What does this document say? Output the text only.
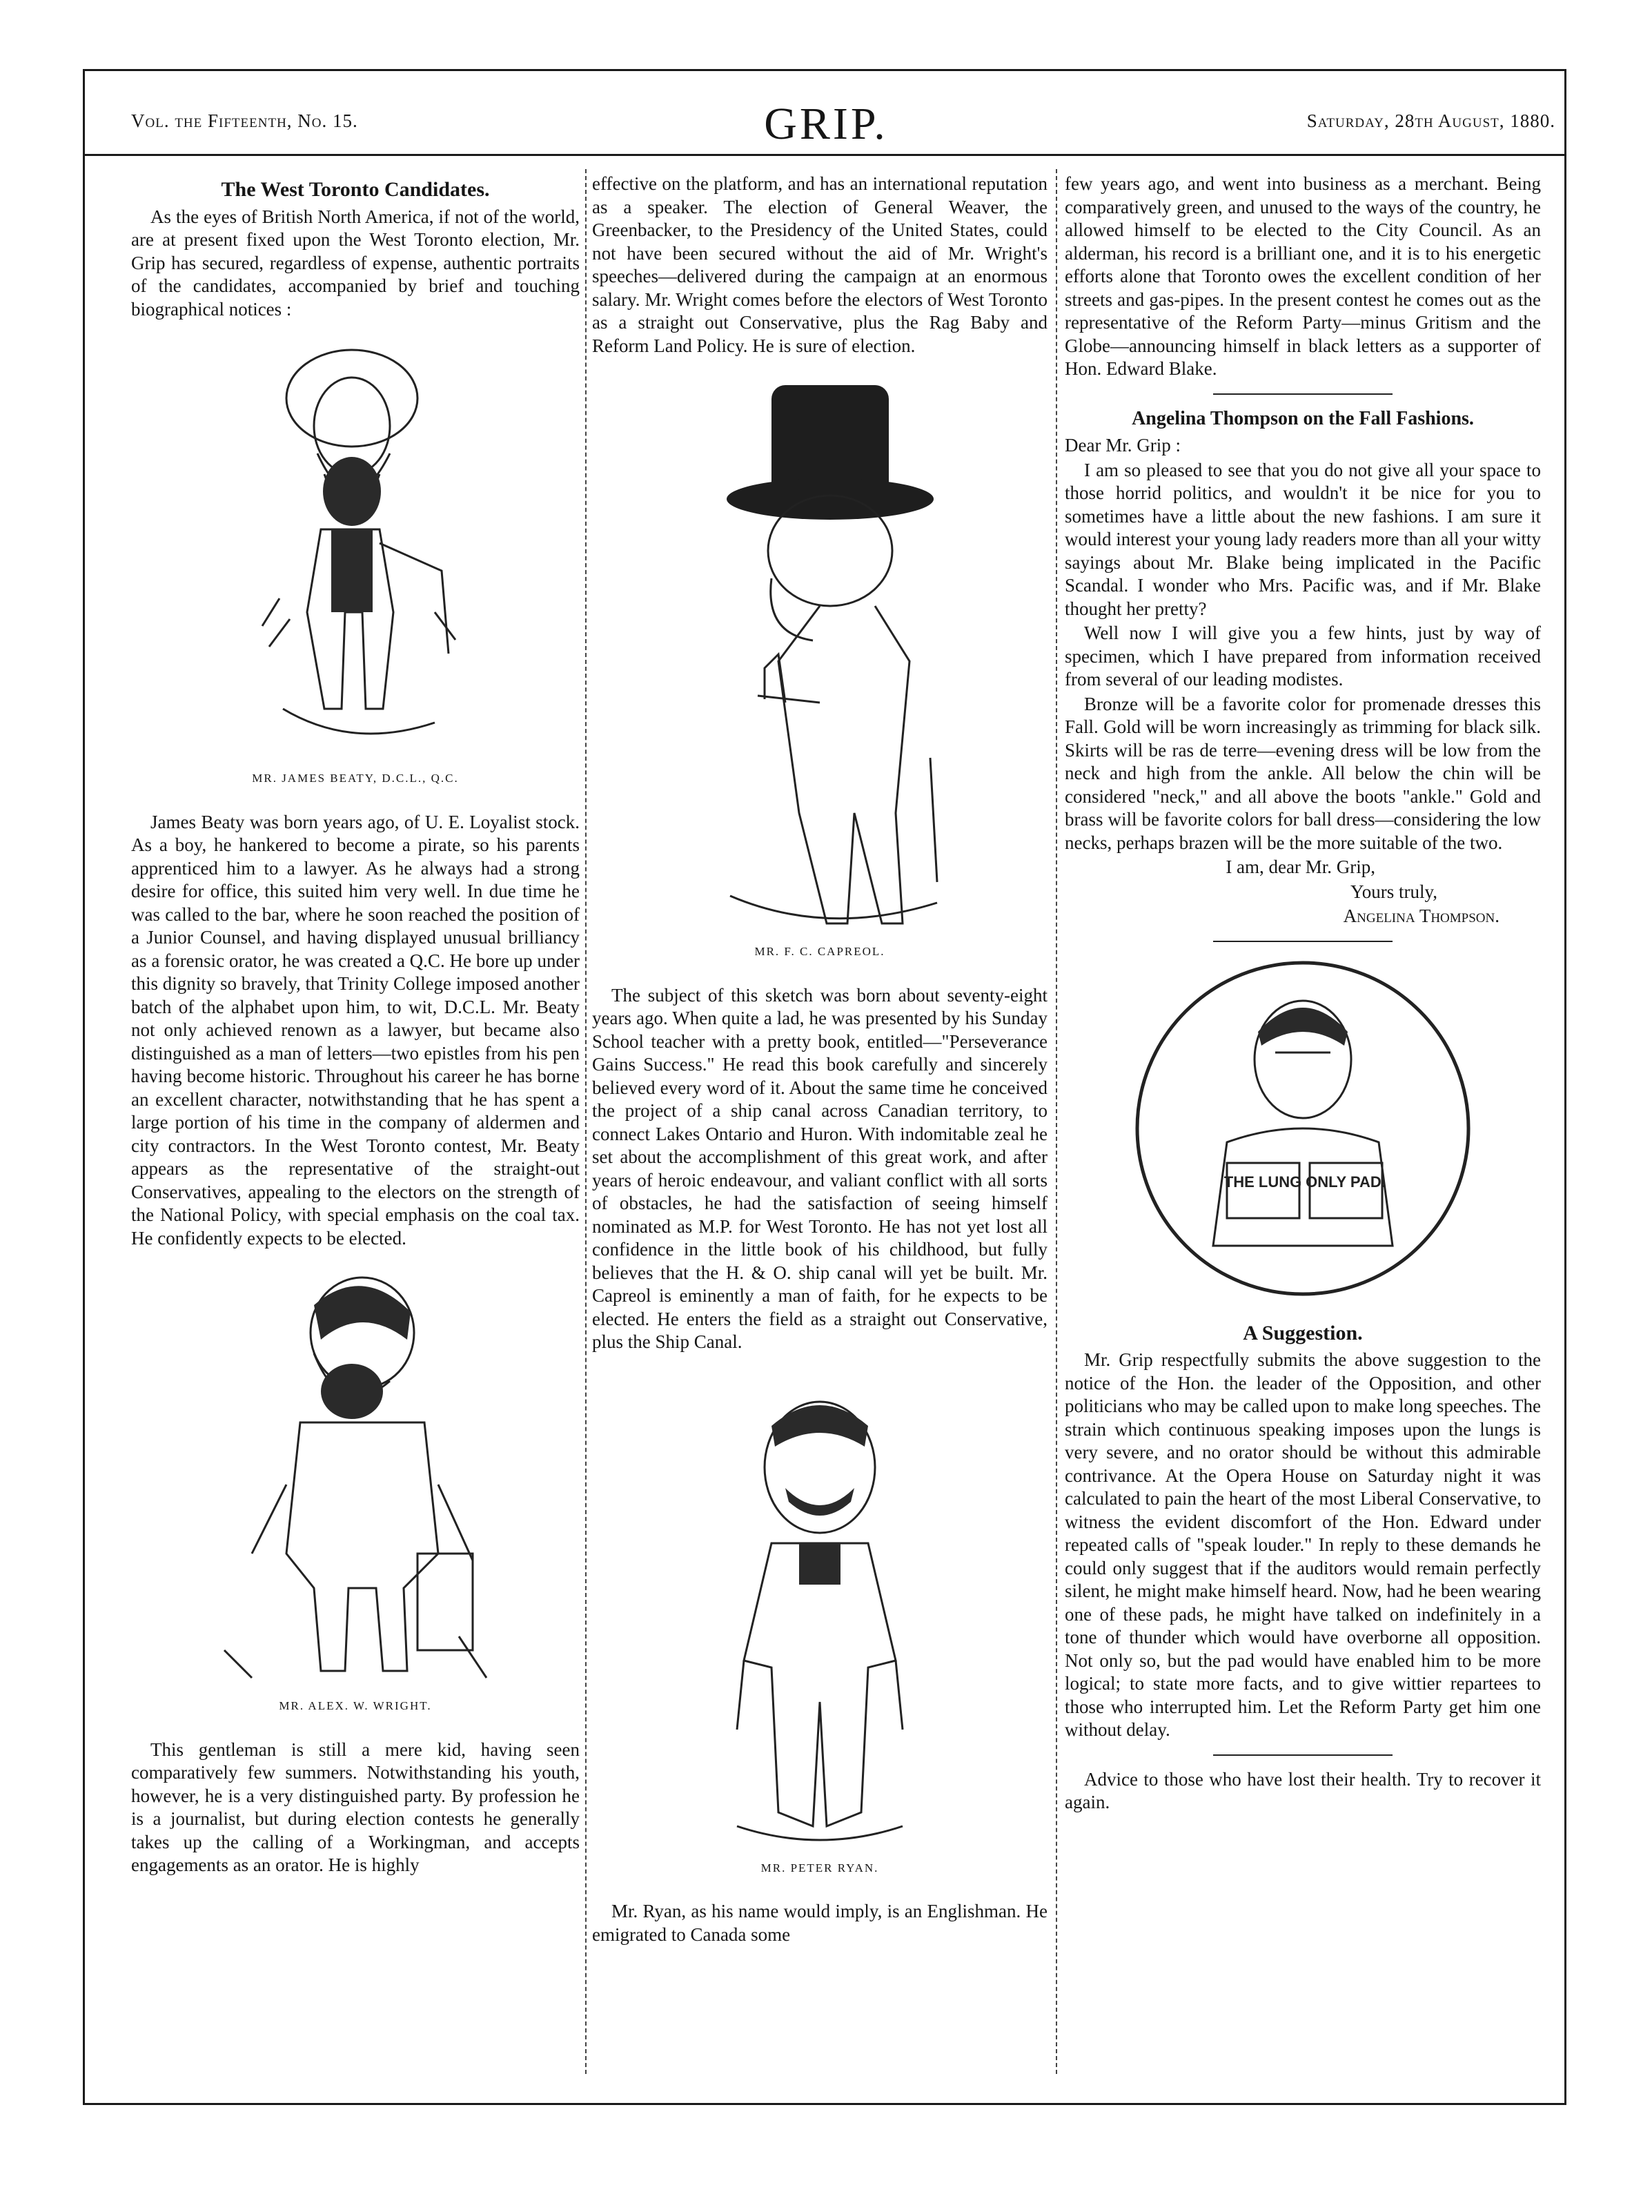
Vol. the Fifteenth, No. 15.	GRIP.	Saturday, 28th August, 1880.
The West Toronto Candidates.

As the eyes of British North America, if not of the world, are at present fixed upon the West Toronto election, Mr. Grip has secured, regardless of expense, authentic portraits of the candidates, accompanied by brief and touching biographical notices :

MR. JAMES BEATY, D.C.L., Q.C.

James Beaty was born years ago, of U. E. Loyalist stock. As a boy, he hankered to become a pirate, so his parents apprenticed him to a lawyer. As he always had a strong desire for office, this suited him very well. In due time he was called to the bar, where he soon reached the position of a Junior Counsel, and having displayed unusual brilliancy as a forensic orator, he was created a Q.C. He bore up under this dignity so bravely, that Trinity College imposed another batch of the alphabet upon him, to wit, D.C.L. Mr. Beaty not only achieved renown as a lawyer, but became also distinguished as a man of letters—two epistles from his pen having become historic. Throughout his career he has borne an excellent character, notwithstanding that he has spent a large portion of his time in the company of aldermen and city contractors. In the West Toronto contest, Mr. Beaty appears as the representative of the straight-out Conservatives, appealing to the electors on the strength of the National Policy, with special emphasis on the coal tax. He confidently expects to be elected.

MR. ALEX. W. WRIGHT.

This gentleman is still a mere kid, having seen comparatively few summers. Notwithstanding his youth, however, he is a very distinguished party. By profession he is a journalist, but during election contests he generally takes up the calling of a Workingman, and accepts engagements as an orator. He is highly

effective on the platform, and has an international reputation as a speaker. The election of General Weaver, the Greenbacker, to the Presidency of the United States, could not have been secured without the aid of Mr. Wright's speeches—delivered during the campaign at an enormous salary. Mr. Wright comes before the electors of West Toronto as a straight out Conservative, plus the Rag Baby and Reform Land Policy. He is sure of election.

MR. F. C. CAPREOL.

The subject of this sketch was born about seventy-eight years ago. When quite a lad, he was presented by his Sunday School teacher with a pretty book, entitled—"Perseverance Gains Success." He read this book carefully and sincerely believed every word of it. About the same time he conceived the project of a ship canal across Canadian territory, to connect Lakes Ontario and Huron. With indomitable zeal he set about the accomplishment of this great work, and after years of heroic endeavour, and valiant conflict with all sorts of obstacles, he had the satisfaction of seeing himself nominated as M.P. for West Toronto. He has not yet lost all confidence in the little book of his childhood, but fully believes that the H. & O. ship canal will yet be built. Mr. Capreol is eminently a man of faith, for he expects to be elected. He enters the field as a straight out Conservative, plus the Ship Canal.

MR. PETER RYAN.

Mr. Ryan, as his name would imply, is an Englishman. He emigrated to Canada some

few years ago, and went into business as a merchant. Being comparatively green, and unused to the ways of the country, he allowed himself to be elected to the City Council. As an alderman, his record is a brilliant one, and it is to his energetic efforts alone that Toronto owes the excellent condition of her streets and gas-pipes. In the present contest he comes out as the representative of the Reform Party—minus Gritism and the Globe—announcing himself in black letters as a supporter of Hon. Edward Blake.

Angelina Thompson on the Fall Fashions.

Dear Mr. Grip :

I am so pleased to see that you do not give all your space to those horrid politics, and wouldn't it be nice for you to sometimes have a little about the new fashions. I am sure it would interest your young lady readers more than all your witty sayings about Mr. Blake being implicated in the Pacific Scandal. I wonder who Mrs. Pacific was, and if Mr. Blake thought her pretty?

Well now I will give you a few hints, just by way of specimen, which I have prepared from information received from several of our leading modistes.

Bronze will be a favorite color for promenade dresses this Fall. Gold will be worn increasingly as trimming for black silk. Skirts will be ras de terre—evening dress will be low from the neck and high from the ankle. All below the chin will be considered "neck," and all above the boots "ankle." Gold and brass will be favorite colors for ball dress—considering the low necks, perhaps brazen will be the more suitable of the two.

I am, dear Mr. Grip,

Yours truly,

Angelina Thompson.

THE LUNG ONLY PAD.
A Suggestion.

Mr. Grip respectfully submits the above suggestion to the notice of the Hon. the leader of the Opposition, and other politicians who may be called upon to make long speeches. The strain which continuous speaking imposes upon the lungs is very severe, and no orator should be without this admirable contrivance. At the Opera House on Saturday night it was calculated to pain the heart of the most Liberal Conservative, to witness the evident discomfort of the Hon. Edward under repeated calls of "speak louder." In reply to these demands he could only suggest that if the auditors would remain perfectly silent, he might make himself heard. Now, had he been wearing one of these pads, he might have talked on indefinitely in a tone of thunder which would have overborne all opposition. Not only so, but the pad would have enabled him to be more logical; to state more facts, and to give wittier repartees to those who interrupted him. Let the Reform Party get him one without delay.

Advice to those who have lost their health. Try to recover it again.
